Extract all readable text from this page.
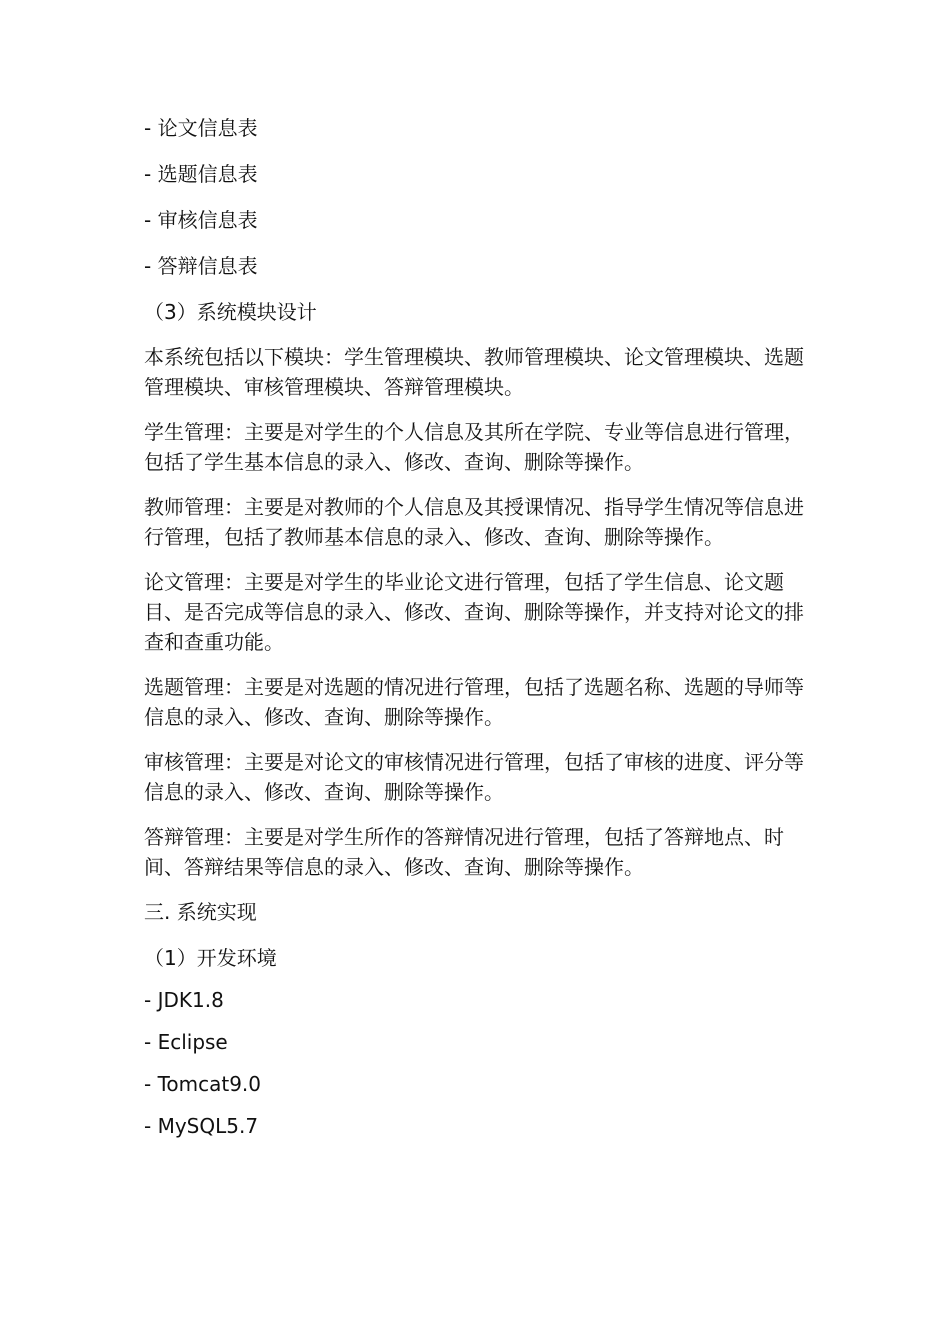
- 论文信息表

- 选题信息表

- 审核信息表

- 答辩信息表

（3）系统模块设计

本系统包括以下模块：学生管理模块、教师管理模块、论文管理模块、选题管理模块、审核管理模块、答辩管理模块。

学生管理：主要是对学生的个人信息及其所在学院、专业等信息进行管理，包括了学生基本信息的录入、修改、查询、删除等操作。

教师管理：主要是对教师的个人信息及其授课情况、指导学生情况等信息进行管理，包括了教师基本信息的录入、修改、查询、删除等操作。

论文管理：主要是对学生的毕业论文进行管理，包括了学生信息、论文题目、是否完成等信息的录入、修改、查询、删除等操作，并支持对论文的排查和查重功能。

选题管理：主要是对选题的情况进行管理，包括了选题名称、选题的导师等信息的录入、修改、查询、删除等操作。

审核管理：主要是对论文的审核情况进行管理，包括了审核的进度、评分等信息的录入、修改、查询、删除等操作。

答辩管理：主要是对学生所作的答辩情况进行管理，包括了答辩地点、时间、答辩结果等信息的录入、修改、查询、删除等操作。

三. 系统实现

（1）开发环境

- JDK1.8

- Eclipse

- Tomcat9.0

- MySQL5.7
